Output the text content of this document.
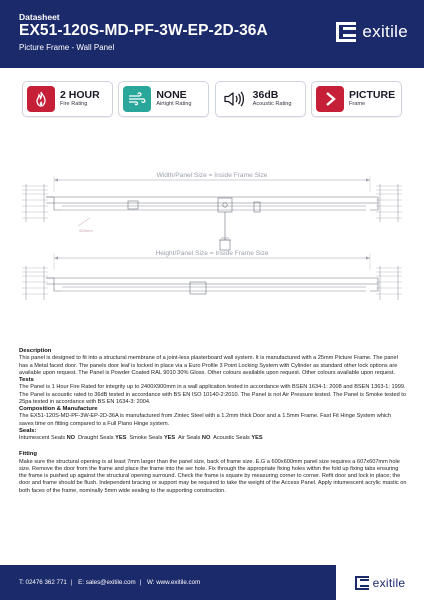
Datasheet
EX51-120S-MD-PF-3W-EP-2D-36A
Picture Frame - Wall Panel
exitile
2 HOUR
Fire Rating
NONE
Airtight Rating
36dB
Acoustic Rating
PICTURE
Frame
Width/Panel Size = Inside Frame Size
600mm
Height/Panel Size = Inside Frame Size
Description

This panel is designed to fit into a structural membrane of a joint-less plasterboard wall system. It is manufactured with a 25mm Picture Frame. The panel has a Metal faced door. The panels door leaf is locked in place via a Euro Profile 3 Point Locking System with Cylinder as standard other lock options are available upon request. The Panel is Powder Coated RAL 9010 30% Gloss. Other colours available upon request. Other colours available upon request.

Tests

The Panel is 1 Hour Fire Rated for integrity up to 2400X900mm in a wall application tested in accordance with BSEN 1634-1: 2008 and BSEN 1363-1: 1999. The Panel is acoustic rated to 36dB tested in accordance with BS EN ISO 10140-2:2010. The Panel is not Air Pressure tested. The Panel is Smoke tested to 25pa tested in accordance with BS EN 1634-3: 2004.

Composition & Manufacture

The EX51-120S-MD-PF-3W-EP-2D-36A is manufactured from Zintec Steel with a 1.2mm thick Door and a 1.5mm Frame. Fast Fit Hinge System which saves time on fitting compared to a Full Piano Hinge system.

Seals:

Intumescent Seals NO Draught Seals YES Smoke Seals YES Air Seals NO Acoustic Seals YES

Fitting

Make sure the structural opening is at least 7mm larger than the panel size, back of frame size. E.G a 600x600mm panel size requires a 607x607mm hole size. Remove the door from the frame and place the frame into the ser hole. Fix through the appropriate fixing holes within the fold up fixing tabs ensuring the frame is pushed up against the structural opening surround. Check the frame is square by measuring corner to corner. Refit door and lock in place; the door and frame should be flush. Independent bracing or support may be required to take the weight of the Access Panel. Apply intumescent acrylic mastic on both faces of the frame, nominally 5mm wide sealing to the supporting construction.

T: 02476 362 771 | E: sales@exitile.com | W: www.exitile.com	exitile
